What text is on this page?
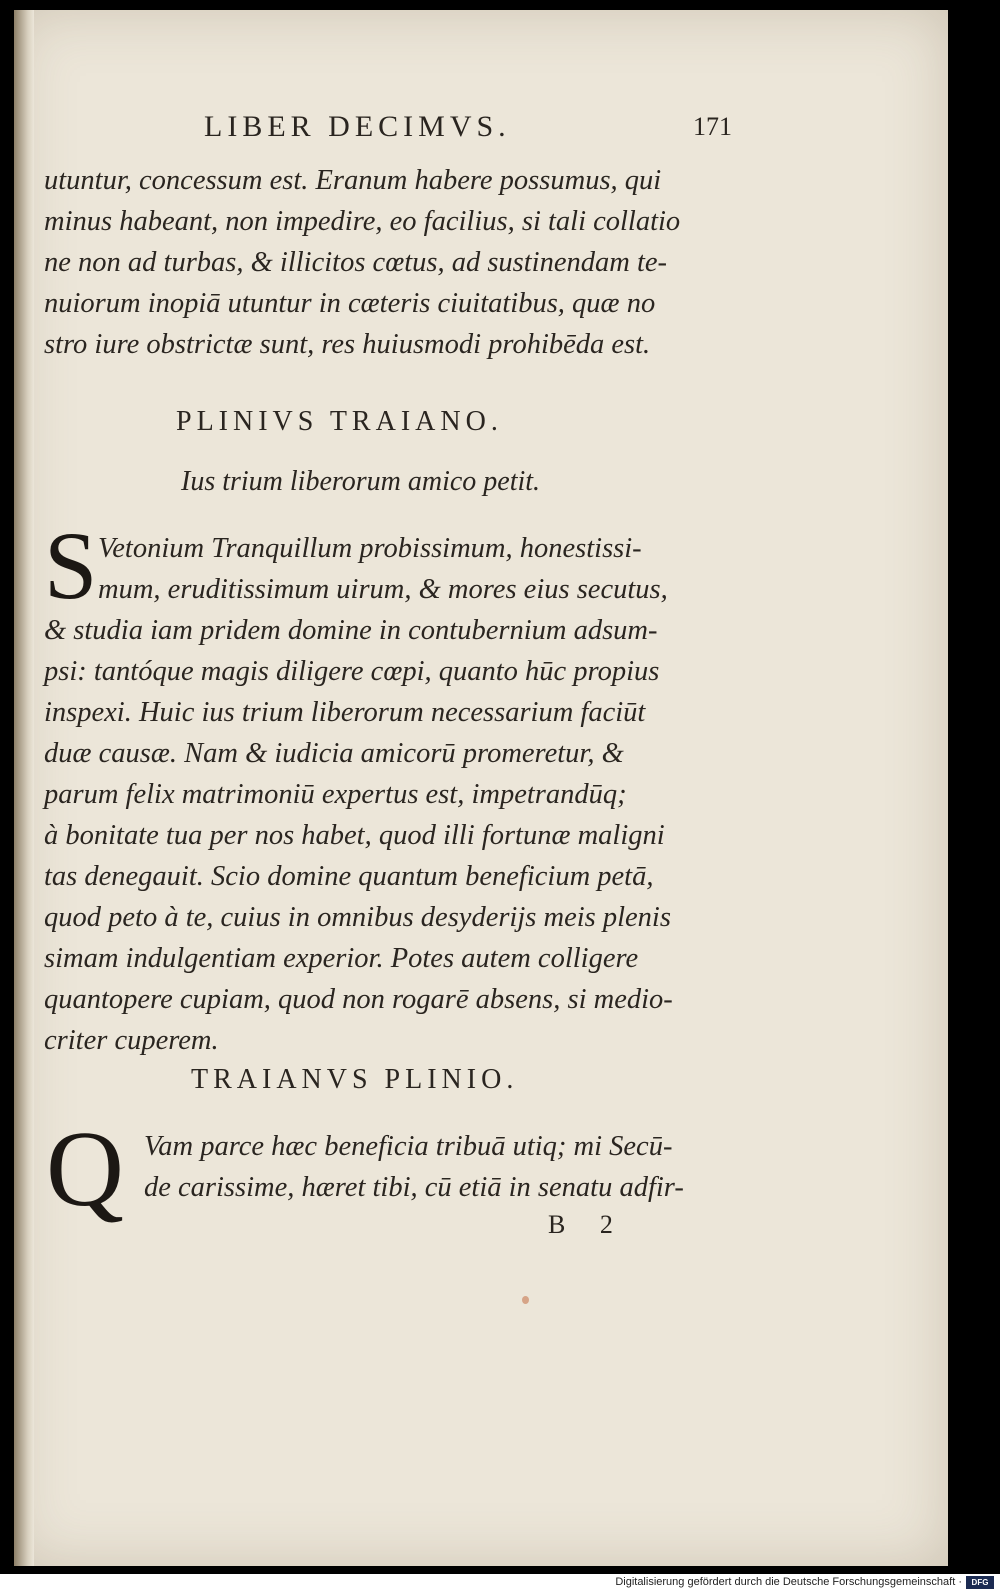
LIBER DECIMVS.	171
utuntur, concessum est. Eranum habere possumus, qui
minus habeant, non impedire, eo facilius, si tali collatio
ne non ad turbas, & illicitos cœtus, ad sustinendam te-
nuiorum inopiā utuntur in cæteris ciuitatibus, quæ no
stro iure obstrictæ sunt, res huiusmodi prohibēda est.
PLINIVS TRAIANO.
Ius trium liberorum amico petit.
S Vetonium Tranquillum probissimum, honestissi-
mum, eruditissimum uirum, & mores eius secutus,
& studia iam pridem domine in contubernium adsum-
psi: tantóque magis diligere cœpi, quanto hūc propius
inspexi. Huic ius trium liberorum necessarium faciūt
duæ causæ. Nam & iudicia amicorū promeretur, &
parum felix matrimoniū expertus est, impetrandūq;
à bonitate tua per nos habet, quod illi fortunæ maligni
tas denegauit. Scio domine quantum beneficium petā,
quod peto à te, cuius in omnibus desyderijs meis plenis
simam indulgentiam experior. Potes autem colligere
quantopere cupiam, quod non rogarē absens, si medio-
criter cuperem.
TRAIANVS PLINIO.
Q Vam parce hæc beneficia tribuā utiq; mi Secū-
de carissime, hæret tibi, cū etiā in senatu adfir-
B 2
Digitalisierung gefördert durch die Deutsche Forschungsgemeinschaft ·	DFG
